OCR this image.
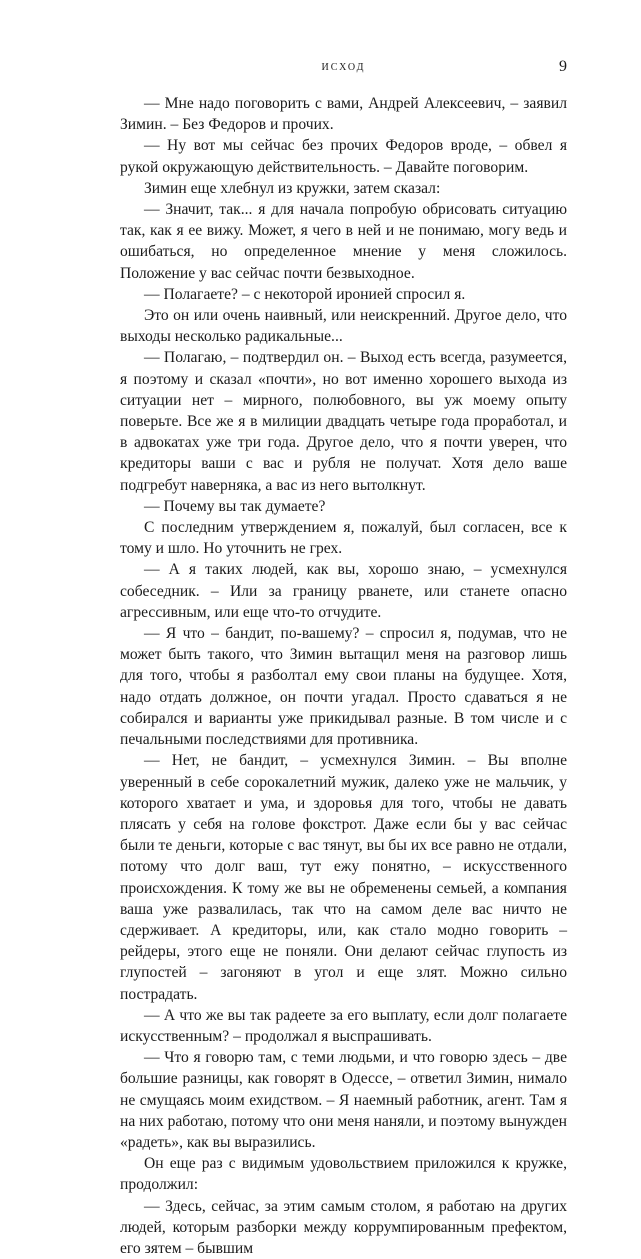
исход	9

— Мне надо поговорить с вами, Андрей Алексеевич, – заявил Зимин. – Без Федоров и прочих.

— Ну вот мы сейчас без прочих Федоров вроде, – обвел я рукой окружающую действительность. – Давайте поговорим.

Зимин еще хлебнул из кружки, затем сказал:

— Значит, так... я для начала попробую обрисовать ситуацию так, как я ее вижу. Может, я чего в ней и не понимаю, могу ведь и ошибаться, но определенное мнение у меня сложилось. Положение у вас сейчас почти безвыходное.

— Полагаете? – с некоторой иронией спросил я.

Это он или очень наивный, или неискренний. Другое дело, что выходы несколько радикальные...

— Полагаю, – подтвердил он. – Выход есть всегда, разумеется, я поэтому и сказал «почти», но вот именно хорошего выхода из ситуации нет – мирного, полюбовного, вы уж моему опыту поверьте. Все же я в милиции двадцать четыре года проработал, и в адвокатах уже три года. Другое дело, что я почти уверен, что кредиторы ваши с вас и рубля не получат. Хотя дело ваше подгребут наверняка, а вас из него вытолкнут.

— Почему вы так думаете?

С последним утверждением я, пожалуй, был согласен, все к тому и шло. Но уточнить не грех.

— А я таких людей, как вы, хорошо знаю, – усмехнулся собеседник. – Или за границу рванете, или станете опасно агрессивным, или еще что-то отчудите.

— Я что – бандит, по-вашему? – спросил я, подумав, что не может быть такого, что Зимин вытащил меня на разговор лишь для того, чтобы я разболтал ему свои планы на будущее. Хотя, надо отдать должное, он почти угадал. Просто сдаваться я не собирался и варианты уже прикидывал разные. В том числе и с печальными последствиями для противника.

— Нет, не бандит, – усмехнулся Зимин. – Вы вполне уверенный в себе сорокалетний мужик, далеко уже не мальчик, у которого хватает и ума, и здоровья для того, чтобы не давать плясать у себя на голове фокстрот. Даже если бы у вас сейчас были те деньги, которые с вас тянут, вы бы их все равно не отдали, потому что долг ваш, тут ежу понятно, – искусственного происхождения. К тому же вы не обременены семьей, а компания ваша уже развалилась, так что на самом деле вас ничто не сдерживает. А кредиторы, или, как стало модно говорить – рейдеры, этого еще не поняли. Они делают сейчас глупость из глупостей – загоняют в угол и еще злят. Можно сильно пострадать.

— А что же вы так радеете за его выплату, если долг полагаете искусственным? – продолжал я выспрашивать.

— Что я говорю там, с теми людьми, и что говорю здесь – две большие разницы, как говорят в Одессе, – ответил Зимин, нимало не смущаясь моим ехидством. – Я наемный работник, агент. Там я на них работаю, потому что они меня наняли, и поэтому вынужден «радеть», как вы выразились.

Он еще раз с видимым удовольствием приложился к кружке, продолжил:

— Здесь, сейчас, за этим самым столом, я работаю на других людей, которым разборки между коррумпированным префектом, его зятем – бывшим
